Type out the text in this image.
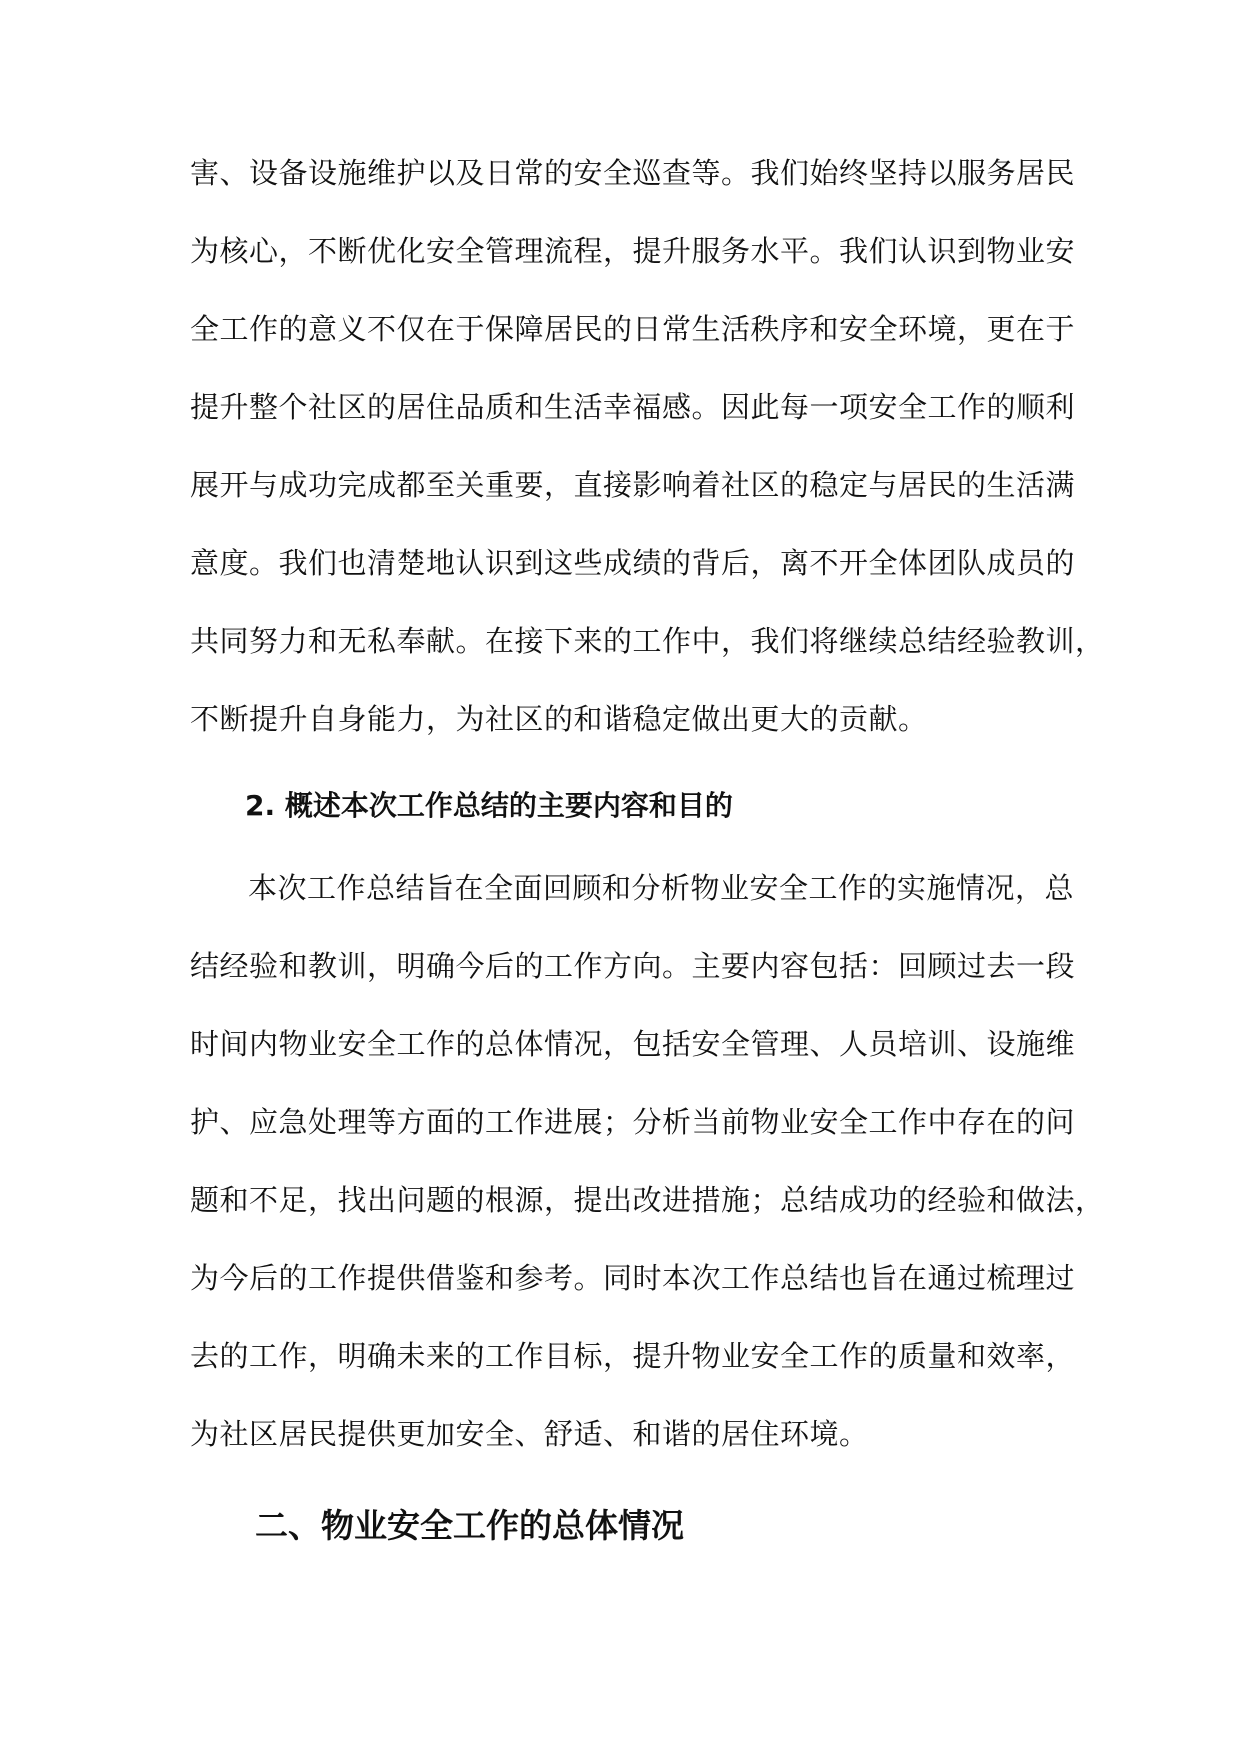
害、设备设施维护以及日常的安全巡查等。我们始终坚持以服务居民
为核心，不断优化安全管理流程，提升服务水平。我们认识到物业安
全工作的意义不仅在于保障居民的日常生活秩序和安全环境，更在于
提升整个社区的居住品质和生活幸福感。因此每一项安全工作的顺利
展开与成功完成都至关重要，直接影响着社区的稳定与居民的生活满
意度。我们也清楚地认识到这些成绩的背后，离不开全体团队成员的
共同努力和无私奉献。在接下来的工作中，我们将继续总结经验教训，
不断提升自身能力，为社区的和谐稳定做出更大的贡献。
2. 概述本次工作总结的主要内容和目的
本次工作总结旨在全面回顾和分析物业安全工作的实施情况，总
结经验和教训，明确今后的工作方向。主要内容包括：回顾过去一段
时间内物业安全工作的总体情况，包括安全管理、人员培训、设施维
护、应急处理等方面的工作进展；分析当前物业安全工作中存在的问
题和不足，找出问题的根源，提出改进措施；总结成功的经验和做法，
为今后的工作提供借鉴和参考。同时本次工作总结也旨在通过梳理过
去的工作，明确未来的工作目标，提升物业安全工作的质量和效率，
为社区居民提供更加安全、舒适、和谐的居住环境。
二、物业安全工作的总体情况
